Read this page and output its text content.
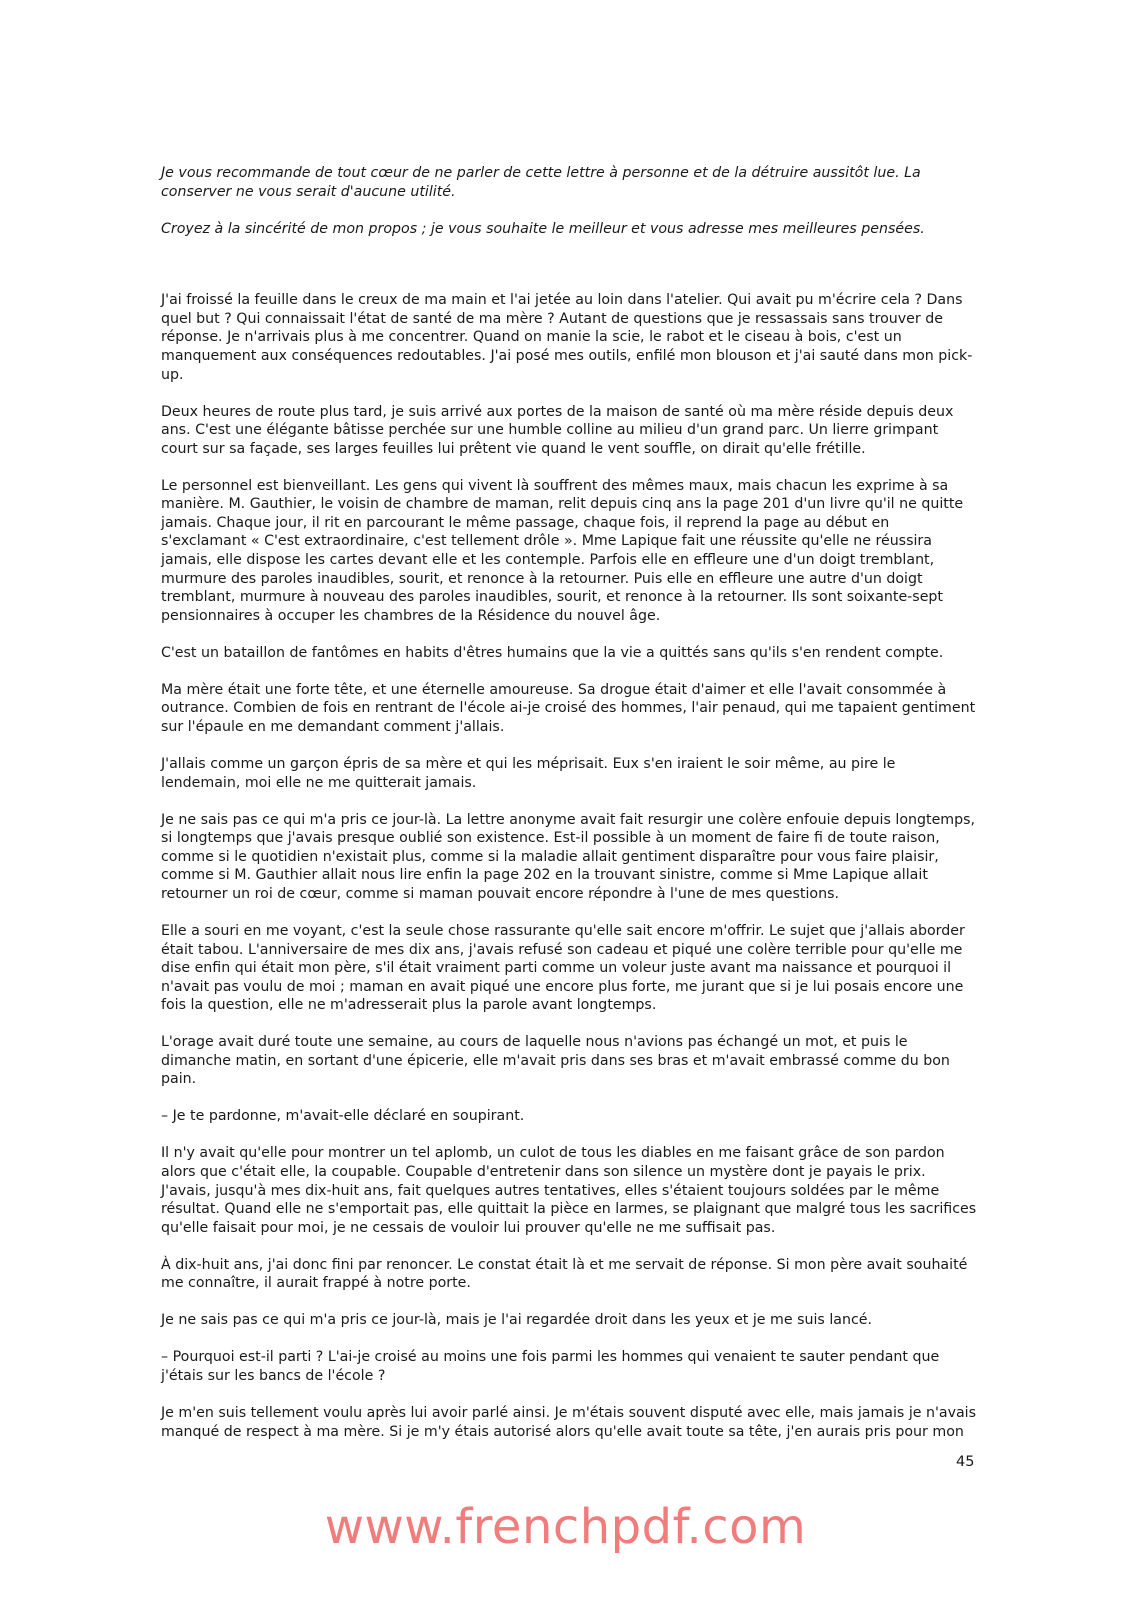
Je vous recommande de tout cœur de ne parler de cette lettre à personne et de la détruire aussitôt lue. La conserver ne vous serait d'aucune utilité.

Croyez à la sincérité de mon propos ; je vous souhaite le meilleur et vous adresse mes meilleures pensées.

J'ai froissé la feuille dans le creux de ma main et l'ai jetée au loin dans l'atelier. Qui avait pu m'écrire cela ? Dans quel but ? Qui connaissait l'état de santé de ma mère ? Autant de questions que je ressassais sans trouver de réponse. Je n'arrivais plus à me concentrer. Quand on manie la scie, le rabot et le ciseau à bois, c'est un manquement aux conséquences redoutables. J'ai posé mes outils, enfilé mon blouson et j'ai sauté dans mon pick-up.

Deux heures de route plus tard, je suis arrivé aux portes de la maison de santé où ma mère réside depuis deux ans. C'est une élégante bâtisse perchée sur une humble colline au milieu d'un grand parc. Un lierre grimpant court sur sa façade, ses larges feuilles lui prêtent vie quand le vent souffle, on dirait qu'elle frétille.

Le personnel est bienveillant. Les gens qui vivent là souffrent des mêmes maux, mais chacun les exprime à sa manière. M. Gauthier, le voisin de chambre de maman, relit depuis cinq ans la page 201 d'un livre qu'il ne quitte jamais. Chaque jour, il rit en parcourant le même passage, chaque fois, il reprend la page au début en s'exclamant « C'est extraordinaire, c'est tellement drôle ». Mme Lapique fait une réussite qu'elle ne réussira jamais, elle dispose les cartes devant elle et les contemple. Parfois elle en effleure une d'un doigt tremblant, murmure des paroles inaudibles, sourit, et renonce à la retourner. Puis elle en effleure une autre d'un doigt tremblant, murmure à nouveau des paroles inaudibles, sourit, et renonce à la retourner. Ils sont soixante-sept pensionnaires à occuper les chambres de la Résidence du nouvel âge.

C'est un bataillon de fantômes en habits d'êtres humains que la vie a quittés sans qu'ils s'en rendent compte.

Ma mère était une forte tête, et une éternelle amoureuse. Sa drogue était d'aimer et elle l'avait consommée à outrance. Combien de fois en rentrant de l'école ai-je croisé des hommes, l'air penaud, qui me tapaient gentiment sur l'épaule en me demandant comment j'allais.

J'allais comme un garçon épris de sa mère et qui les méprisait. Eux s'en iraient le soir même, au pire le lendemain, moi elle ne me quitterait jamais.

Je ne sais pas ce qui m'a pris ce jour-là. La lettre anonyme avait fait resurgir une colère enfouie depuis longtemps, si longtemps que j'avais presque oublié son existence. Est-il possible à un moment de faire fi de toute raison, comme si le quotidien n'existait plus, comme si la maladie allait gentiment disparaître pour vous faire plaisir, comme si M. Gauthier allait nous lire enfin la page 202 en la trouvant sinistre, comme si Mme Lapique allait retourner un roi de cœur, comme si maman pouvait encore répondre à l'une de mes questions.

Elle a souri en me voyant, c'est la seule chose rassurante qu'elle sait encore m'offrir. Le sujet que j'allais aborder était tabou. L'anniversaire de mes dix ans, j'avais refusé son cadeau et piqué une colère terrible pour qu'elle me dise enfin qui était mon père, s'il était vraiment parti comme un voleur juste avant ma naissance et pourquoi il n'avait pas voulu de moi ; maman en avait piqué une encore plus forte, me jurant que si je lui posais encore une fois la question, elle ne m'adresserait plus la parole avant longtemps.

L'orage avait duré toute une semaine, au cours de laquelle nous n'avions pas échangé un mot, et puis le dimanche matin, en sortant d'une épicerie, elle m'avait pris dans ses bras et m'avait embrassé comme du bon pain.

– Je te pardonne, m'avait-elle déclaré en soupirant.

Il n'y avait qu'elle pour montrer un tel aplomb, un culot de tous les diables en me faisant grâce de son pardon alors que c'était elle, la coupable. Coupable d'entretenir dans son silence un mystère dont je payais le prix. J'avais, jusqu'à mes dix-huit ans, fait quelques autres tentatives, elles s'étaient toujours soldées par le même résultat. Quand elle ne s'emportait pas, elle quittait la pièce en larmes, se plaignant que malgré tous les sacrifices qu'elle faisait pour moi, je ne cessais de vouloir lui prouver qu'elle ne me suffisait pas.

À dix-huit ans, j'ai donc fini par renoncer. Le constat était là et me servait de réponse. Si mon père avait souhaité me connaître, il aurait frappé à notre porte.

Je ne sais pas ce qui m'a pris ce jour-là, mais je l'ai regardée droit dans les yeux et je me suis lancé.

– Pourquoi est-il parti ? L'ai-je croisé au moins une fois parmi les hommes qui venaient te sauter pendant que j'étais sur les bancs de l'école ?

Je m'en suis tellement voulu après lui avoir parlé ainsi. Je m'étais souvent disputé avec elle, mais jamais je n'avais manqué de respect à ma mère. Si je m'y étais autorisé alors qu'elle avait toute sa tête, j'en aurais pris pour mon

45
www.frenchpdf.com
